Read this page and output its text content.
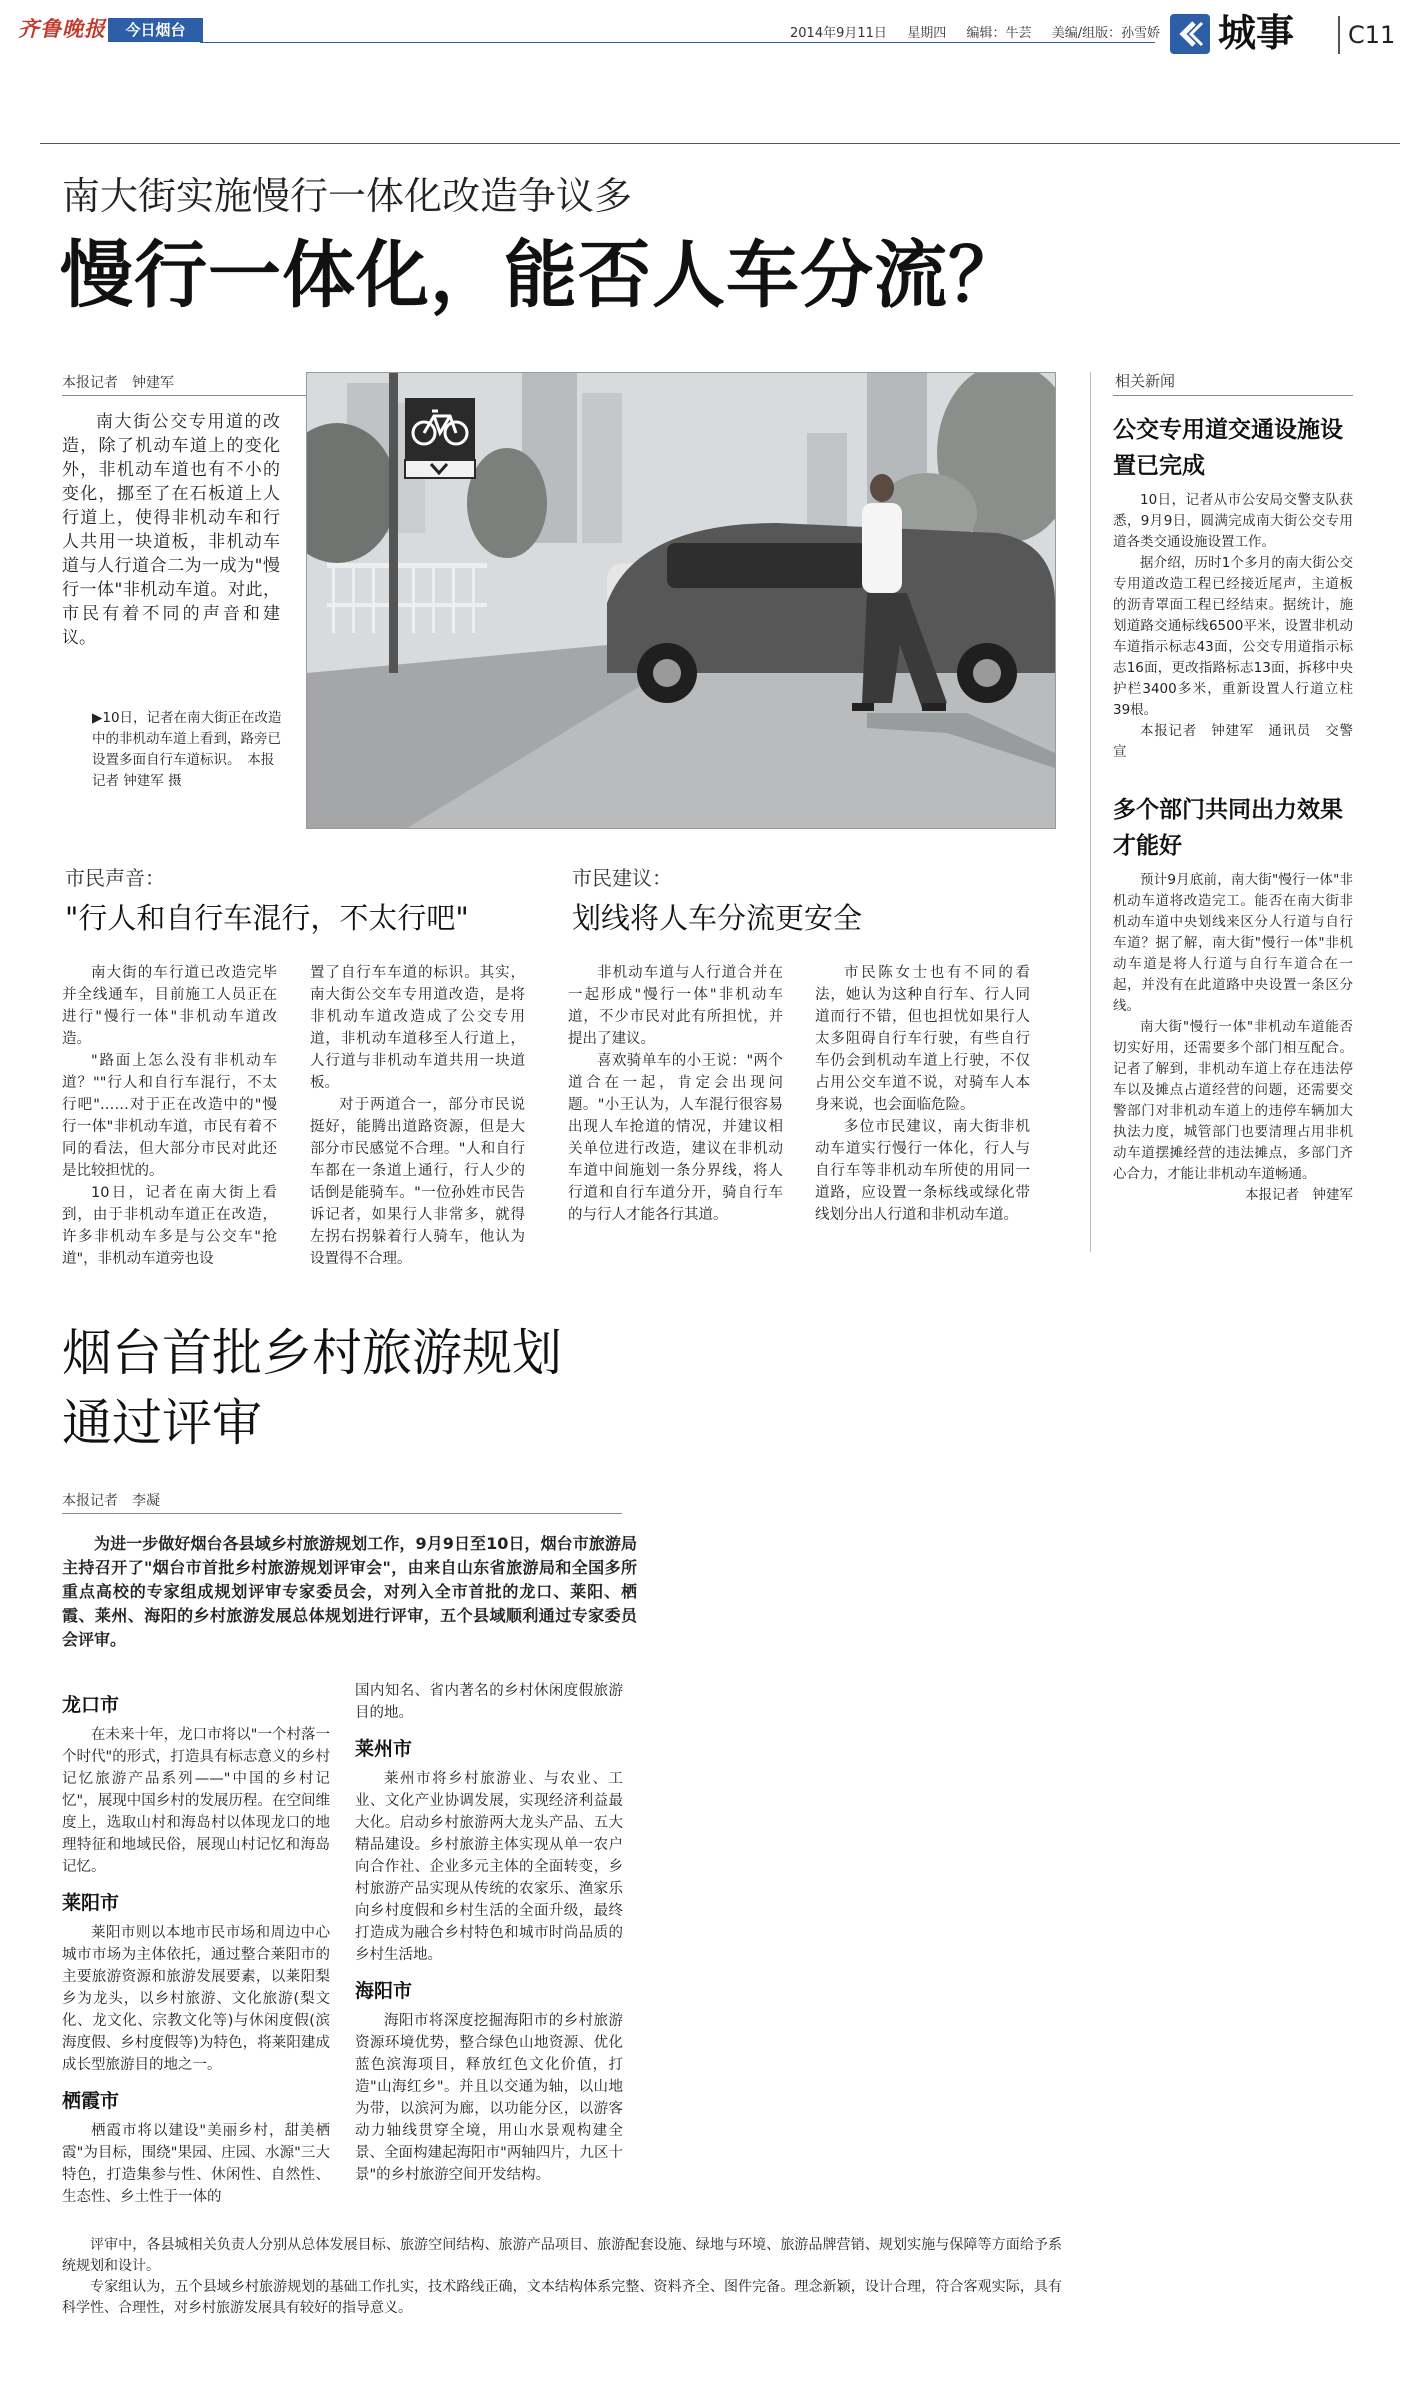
齐鲁晚报	今日烟台	2014年9月11日 星期四 编辑：牛芸 美编/组版：孙雪娇 城事	C11
南大街实施慢行一体化改造争议多
慢行一体化，能否人车分流？
本报记者　钟建军

南大街公交专用道的改造，除了机动车道上的变化外，非机动车道也有不小的变化，挪至了在石板道上人行道上，使得非机动车和行人共用一块道板，非机动车道与人行道合二为一成为"慢行一体"非机动车道。对此，市民有着不同的声音和建议。

▶10日，记者在南大街正在改造中的非机动车道上看到，路旁已设置多面自行车道标识。　本报记者 钟建军 摄
相关新闻
公交专用道交通设施设置已完成

10日，记者从市公安局交警支队获悉，9月9日，圆满完成南大街公交专用道各类交通设施设置工作。

据介绍，历时1个多月的南大街公交专用道改造工程已经接近尾声，主道板的沥青罩面工程已经结束。据统计，施划道路交通标线6500平米，设置非机动车道指示标志43面，公交专用道指示标志16面，更改指路标志13面，拆移中央护栏3400多米，重新设置人行道立柱39根。

本报记者　钟建军　通讯员　交警宣

多个部门共同出力效果才能好

预计9月底前，南大街"慢行一体"非机动车道将改造完工。能否在南大街非机动车道中央划线来区分人行道与自行车道？据了解，南大街"慢行一体"非机动车道是将人行道与自行车道合在一起，并没有在此道路中央设置一条区分线。

南大街"慢行一体"非机动车道能否切实好用，还需要多个部门相互配合。记者了解到，非机动车道上存在违法停车以及摊点占道经营的问题，还需要交警部门对非机动车道上的违停车辆加大执法力度，城管部门也要清理占用非机动车道摆摊经营的违法摊点，多部门齐心合力，才能让非机动车道畅通。

本报记者　钟建军

市民声音：
"行人和自行车混行，不太行吧"

南大街的车行道已改造完毕并全线通车，目前施工人员正在进行"慢行一体"非机动车道改造。

"路面上怎么没有非机动车道？""行人和自行车混行，不太行吧"……对于正在改造中的"慢行一体"非机动车道，市民有着不同的看法，但大部分市民对此还是比较担忧的。

10日，记者在南大街上看到，由于非机动车道正在改造，许多非机动车多是与公交车"抢道"，非机动车道旁也设

置了自行车车道的标识。其实，南大街公交车专用道改造，是将非机动车道改造成了公交专用道，非机动车道移至人行道上，人行道与非机动车道共用一块道板。

对于两道合一，部分市民说挺好，能腾出道路资源，但是大部分市民感觉不合理。"人和自行车都在一条道上通行，行人少的话倒是能骑车。"一位孙姓市民告诉记者，如果行人非常多，就得左拐右拐躲着行人骑车，他认为设置得不合理。

市民建议：
划线将人车分流更安全

非机动车道与人行道合并在一起形成"慢行一体"非机动车道，不少市民对此有所担忧，并提出了建议。

喜欢骑单车的小王说："两个道合在一起，肯定会出现问题。"小王认为，人车混行很容易出现人车抢道的情况，并建议相关单位进行改造，建议在非机动车道中间施划一条分界线，将人行道和自行车道分开，骑自行车的与行人才能各行其道。

市民陈女士也有不同的看法，她认为这种自行车、行人同道而行不错，但也担忧如果行人太多阻碍自行车行驶，有些自行车仍会到机动车道上行驶，不仅占用公交车道不说，对骑车人本身来说，也会面临危险。

多位市民建议，南大街非机动车道实行慢行一体化，行人与自行车等非机动车所使的用同一道路，应设置一条标线或绿化带线划分出人行道和非机动车道。

烟台首批乡村旅游规划
通过评审
本报记者　李凝

为进一步做好烟台各县域乡村旅游规划工作，9月9日至10日，烟台市旅游局主持召开了"烟台市首批乡村旅游规划评审会"，由来自山东省旅游局和全国多所重点高校的专家组成规划评审专家委员会，对列入全市首批的龙口、莱阳、栖霞、莱州、海阳的乡村旅游发展总体规划进行评审，五个县域顺利通过专家委员会评审。

龙口市

在未来十年，龙口市将以"一个村落一个时代"的形式，打造具有标志意义的乡村记忆旅游产品系列——"中国的乡村记忆"，展现中国乡村的发展历程。在空间维度上，选取山村和海岛村以体现龙口的地理特征和地域民俗，展现山村记忆和海岛记忆。

莱阳市

莱阳市则以本地市民市场和周边中心城市市场为主体依托，通过整合莱阳市的主要旅游资源和旅游发展要素，以莱阳梨乡为龙头，以乡村旅游、文化旅游(梨文化、龙文化、宗教文化等)与休闲度假(滨海度假、乡村度假等)为特色，将莱阳建成成长型旅游目的地之一。

栖霞市

栖霞市将以建设"美丽乡村，甜美栖霞"为目标，围绕"果园、庄园、水源"三大特色，打造集参与性、休闲性、自然性、生态性、乡土性于一体的

国内知名、省内著名的乡村休闲度假旅游目的地。

莱州市

莱州市将乡村旅游业、与农业、工业、文化产业协调发展，实现经济利益最大化。启动乡村旅游两大龙头产品、五大精品建设。乡村旅游主体实现从单一农户向合作社、企业多元主体的全面转变，乡村旅游产品实现从传统的农家乐、渔家乐向乡村度假和乡村生活的全面升级，最终打造成为融合乡村特色和城市时尚品质的乡村生活地。

海阳市

海阳市将深度挖掘海阳市的乡村旅游资源环境优势，整合绿色山地资源、优化蓝色滨海项目，释放红色文化价值，打造"山海红乡"。并且以交通为轴，以山地为带，以滨河为廊，以功能分区，以游客动力轴线贯穿全境，用山水景观构建全景、全面构建起海阳市"两轴四片，九区十景"的乡村旅游空间开发结构。

评审中，各县城相关负责人分别从总体发展目标、旅游空间结构、旅游产品项目、旅游配套设施、绿地与环境、旅游品牌营销、规划实施与保障等方面给予系统规划和设计。

专家组认为，五个县域乡村旅游规划的基础工作扎实，技术路线正确，文本结构体系完整、资料齐全、图件完备。理念新颖，设计合理，符合客观实际，具有科学性、合理性，对乡村旅游发展具有较好的指导意义。
